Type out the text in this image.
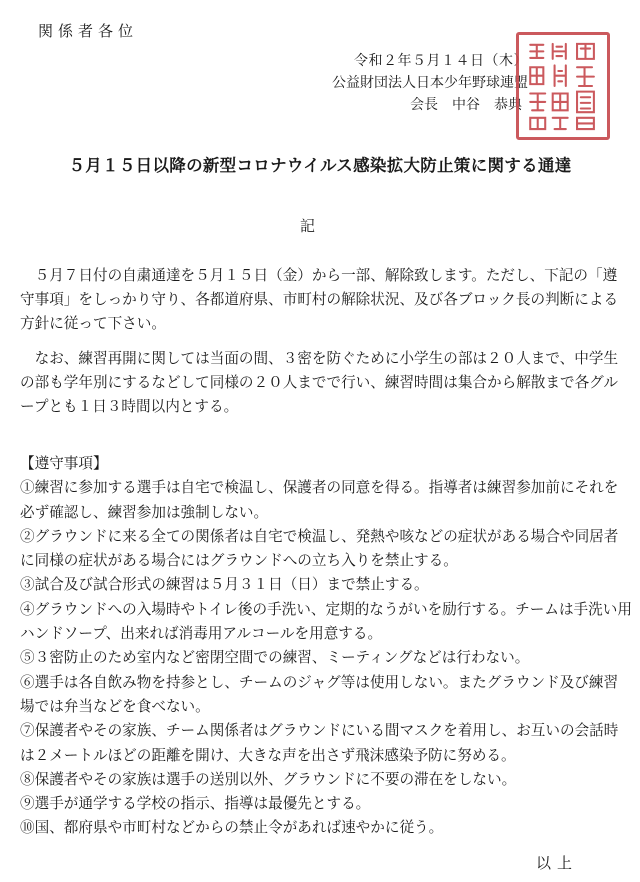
関係者各位
令和２年５月１４日（木）
公益財団法人日本少年野球連盟
会長　中谷　恭典
５月１５日以降の新型コロナウイルス感染拡大防止策に関する通達
記

５月７日付の自粛通達を５月１５日（金）から一部、解除致します。ただし、下記の「遵守事項」をしっかり守り、各都道府県、市町村の解除状況、及び各ブロック長の判断による方針に従って下さい。

なお、練習再開に関しては当面の間、３密を防ぐために小学生の部は２０人まで、中学生の部も学年別にするなどして同様の２０人までで行い、練習時間は集合から解散まで各グループとも１日３時間以内とする。

【遵守事項】

①練習に参加する選手は自宅で検温し、保護者の同意を得る。指導者は練習参加前にそれを必ず確認し、練習参加は強制しない。
②グラウンドに来る全ての関係者は自宅で検温し、発熱や咳などの症状がある場合や同居者に同様の症状がある場合にはグラウンドへの立ち入りを禁止する。
③試合及び試合形式の練習は５月３１日（日）まで禁止する。
④グラウンドへの入場時やトイレ後の手洗い、定期的なうがいを励行する。チームは手洗い用ハンドソープ、出来れば消毒用アルコールを用意する。
⑤３密防止のため室内など密閉空間での練習、ミーティングなどは行わない。
⑥選手は各自飲み物を持参とし、チームのジャグ等は使用しない。またグラウンド及び練習場では弁当などを食べない。
⑦保護者やその家族、チーム関係者はグラウンドにいる間マスクを着用し、お互いの会話時は２メートルほどの距離を開け、大きな声を出さず飛沫感染予防に努める。
⑧保護者やその家族は選手の送別以外、グラウンドに不要の滞在をしない。
⑨選手が通学する学校の指示、指導は最優先とする。
⑩国、都府県や市町村などからの禁止令があれば速やかに従う。
以上
